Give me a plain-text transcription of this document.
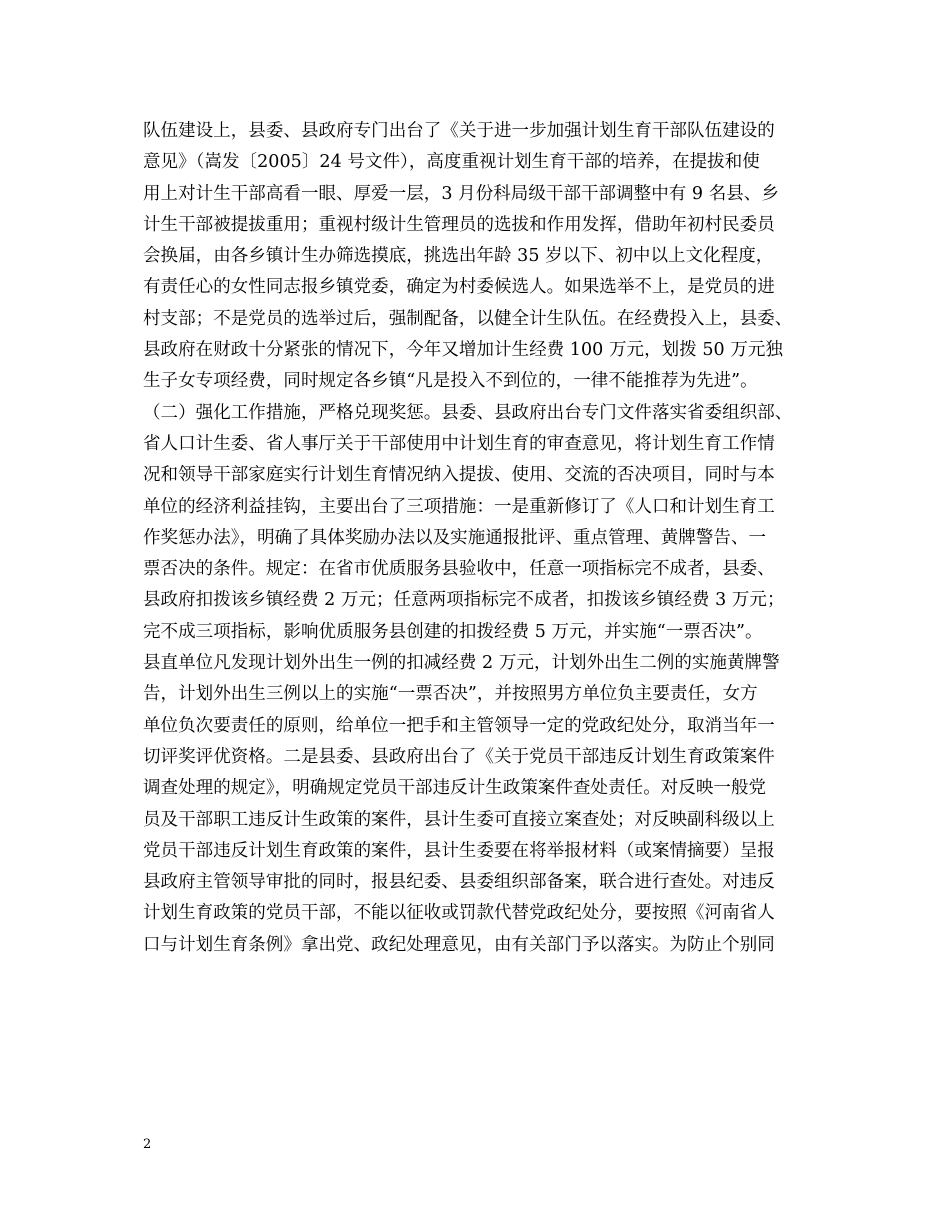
队伍建设上，县委、县政府专门出台了《关于进一步加强计划生育干部队伍建设的
意见》（嵩发〔2005〕24 号文件），高度重视计划生育干部的培养，在提拔和使
用上对计生干部高看一眼、厚爱一层，3 月份科局级干部干部调整中有 9 名县、乡
计生干部被提拔重用；重视村级计生管理员的选拔和作用发挥，借助年初村民委员
会换届，由各乡镇计生办筛选摸底，挑选出年龄 35 岁以下、初中以上文化程度，
有责任心的女性同志报乡镇党委，确定为村委候选人。如果选举不上，是党员的进
村支部；不是党员的选举过后，强制配备，以健全计生队伍。在经费投入上，县委、
县政府在财政十分紧张的情况下，今年又增加计生经费 100 万元，划拨 50 万元独
生子女专项经费，同时规定各乡镇“凡是投入不到位的，一律不能推荐为先进”。
（二）强化工作措施，严格兑现奖惩。县委、县政府出台专门文件落实省委组织部、
省人口计生委、省人事厅关于干部使用中计划生育的审查意见，将计划生育工作情
况和领导干部家庭实行计划生育情况纳入提拔、使用、交流的否决项目，同时与本
单位的经济利益挂钩，主要出台了三项措施：一是重新修订了《人口和计划生育工
作奖惩办法》，明确了具体奖励办法以及实施通报批评、重点管理、黄牌警告、一
票否决的条件。规定：在省市优质服务县验收中，任意一项指标完不成者，县委、
县政府扣拨该乡镇经费 2 万元；任意两项指标完不成者，扣拨该乡镇经费 3 万元；
完不成三项指标，影响优质服务县创建的扣拨经费 5 万元，并实施“一票否决”。
县直单位凡发现计划外出生一例的扣减经费 2 万元，计划外出生二例的实施黄牌警
告，计划外出生三例以上的实施“一票否决”，并按照男方单位负主要责任，女方
单位负次要责任的原则，给单位一把手和主管领导一定的党政纪处分，取消当年一
切评奖评优资格。二是县委、县政府出台了《关于党员干部违反计划生育政策案件
调查处理的规定》，明确规定党员干部违反计生政策案件查处责任。对反映一般党
员及干部职工违反计生政策的案件，县计生委可直接立案查处；对反映副科级以上
党员干部违反计划生育政策的案件，县计生委要在将举报材料（或案情摘要）呈报
县政府主管领导审批的同时，报县纪委、县委组织部备案，联合进行查处。对违反
计划生育政策的党员干部，不能以征收或罚款代替党政纪处分，要按照《河南省人
口与计划生育条例》拿出党、政纪处理意见，由有关部门予以落实。为防止个别同
2
